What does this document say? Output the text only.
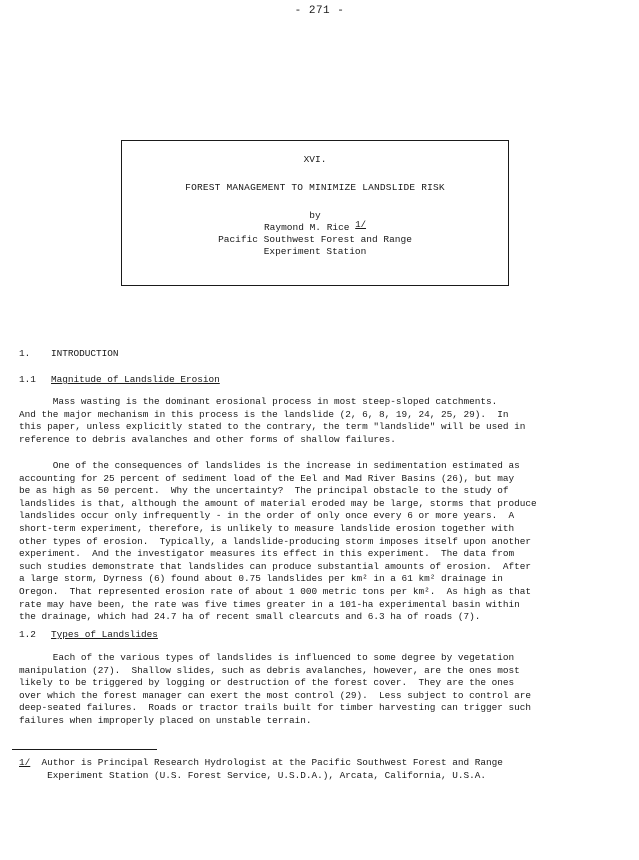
- 271 -
XVI.
FOREST MANAGEMENT TO MINIMIZE LANDSLIDE RISK
by
Raymond M. Rice 1/
Pacific Southwest Forest and Range
Experiment Station
1. INTRODUCTION
1.1 Magnitude of Landslide Erosion
Mass wasting is the dominant erosional process in most steep-sloped catchments.
And the major mechanism in this process is the landslide (2, 6, 8, 19, 24, 25, 29).  In
this paper, unless explicitly stated to the contrary, the term "landslide" will be used in
reference to debris avalanches and other forms of shallow failures.
One of the consequences of landslides is the increase in sedimentation estimated as
accounting for 25 percent of sediment load of the Eel and Mad River Basins (26), but may
be as high as 50 percent.  Why the uncertainty?  The principal obstacle to the study of
landslides is that, although the amount of material eroded may be large, storms that produce
landslides occur only infrequently - in the order of only once every 6 or more years.  A
short-term experiment, therefore, is unlikely to measure landslide erosion together with
other types of erosion.  Typically, a landslide-producing storm imposes itself upon another
experiment.  And the investigator measures its effect in this experiment.  The data from
such studies demonstrate that landslides can produce substantial amounts of erosion.  After
a large storm, Dyrness (6) found about 0.75 landslides per km² in a 61 km² drainage in
Oregon.  That represented erosion rate of about 1 000 metric tons per km².  As high as that
rate may have been, the rate was five times greater in a 101-ha experimental basin within
the drainage, which had 24.7 ha of recent small clearcuts and 6.3 ha of roads (7).
1.2 Types of Landslides
Each of the various types of landslides is influenced to some degree by vegetation
manipulation (27).  Shallow slides, such as debris avalanches, however, are the ones most
likely to be triggered by logging or destruction of the forest cover.  They are the ones
over which the forest manager can exert the most control (29).  Less subject to control are
deep-seated failures.  Roads or tractor trails built for timber harvesting can trigger such
failures when improperly placed on unstable terrain.
1/  Author is Principal Research Hydrologist at the Pacific Southwest Forest and Range
Experiment Station (U.S. Forest Service, U.S.D.A.), Arcata, California, U.S.A.
